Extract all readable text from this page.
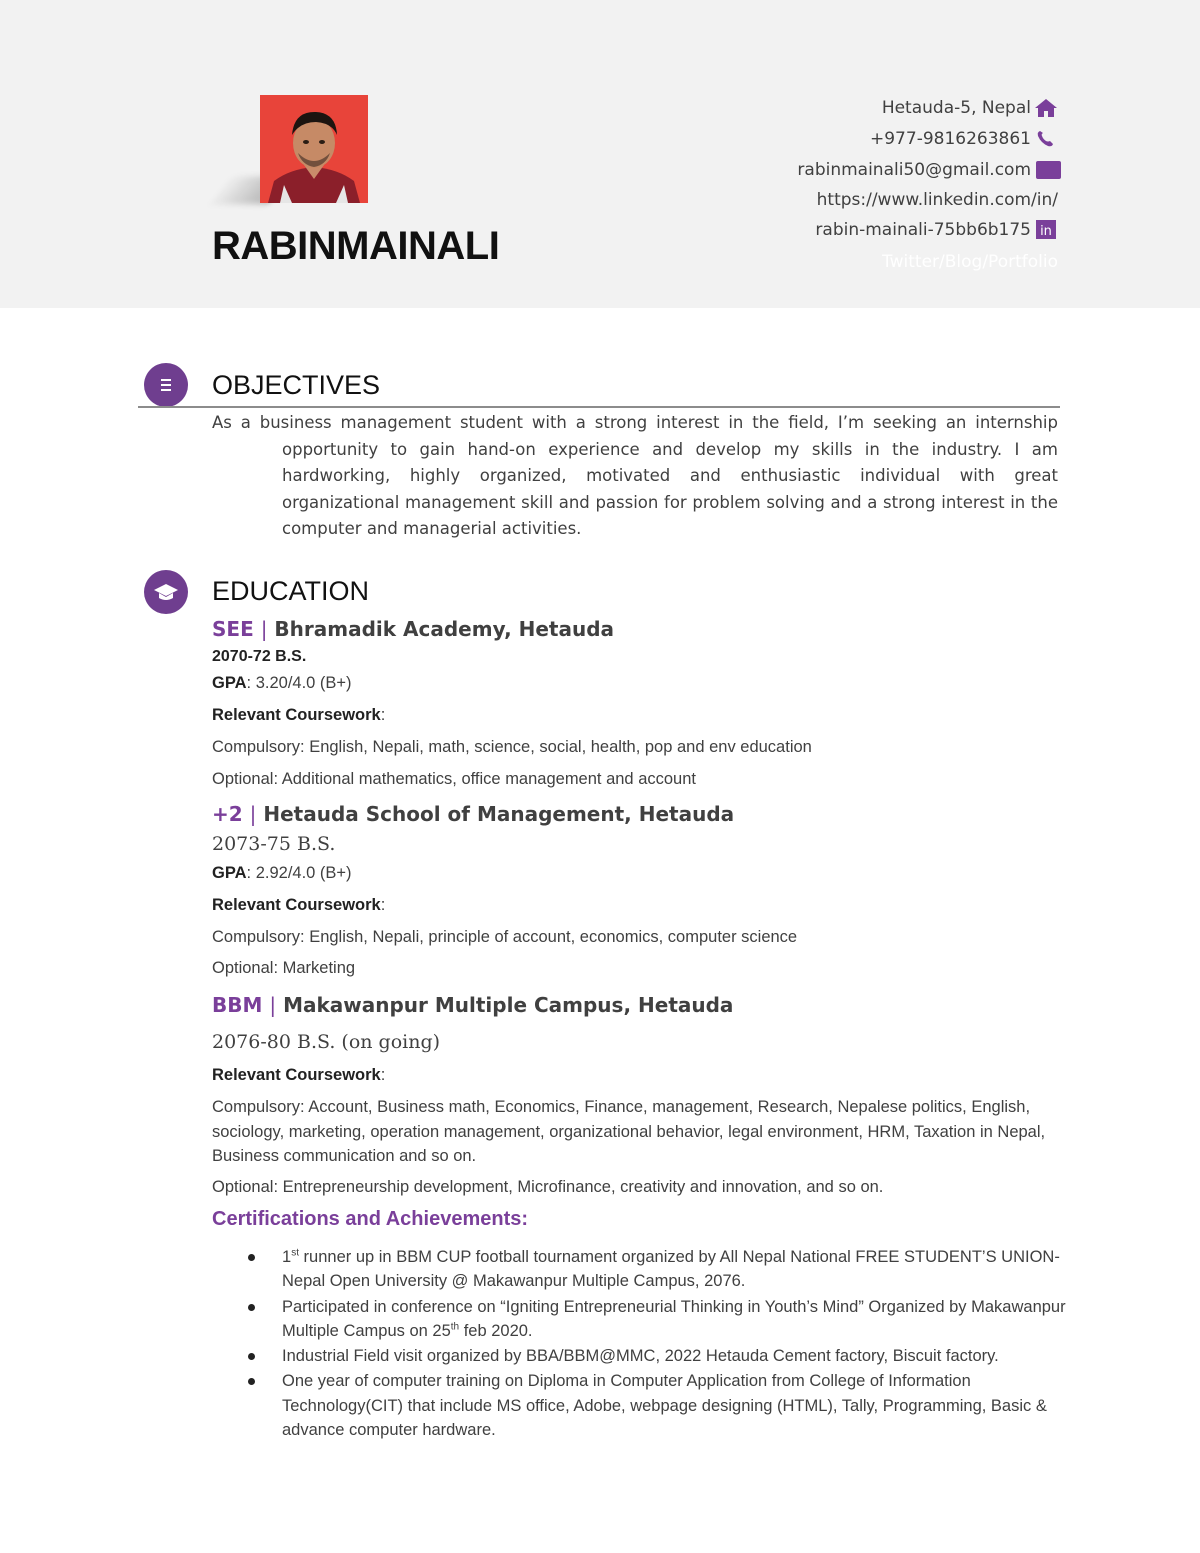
RABINMAINALI
Hetauda-5, Nepal
+977-9816263861
rabinmainali50@gmail.com
https://www.linkedin.com/in/
rabin-mainali-75bb6b175 in
Twitter/Blog/Portfolio
OBJECTIVES
As a business management student with a strong interest in the field, I’m seeking an internship
opportunity to gain hand-on experience and develop my skills in the industry. I am hardworking, highly organized, motivated and enthusiastic individual with great organizational management skill and passion for problem solving and a strong interest in the computer and managerial activities.
EDUCATION
SEE | Bhramadik Academy, Hetauda
2070-72 B.S.
GPA: 3.20/4.0 (B+)
Relevant Coursework:
Compulsory: English, Nepali, math, science, social, health, pop and env education
Optional: Additional mathematics, office management and account
+2 | Hetauda School of Management, Hetauda
2073-75 B.S.
GPA: 2.92/4.0 (B+)
Relevant Coursework:
Compulsory: English, Nepali, principle of account, economics, computer science
Optional: Marketing
BBM | Makawanpur Multiple Campus, Hetauda
2076-80 B.S. (on going)
Relevant Coursework:
Compulsory: Account, Business math, Economics, Finance, management, Research, Nepalese politics, English, sociology, marketing, operation management, organizational behavior, legal environment, HRM, Taxation in Nepal, Business communication and so on.
Optional: Entrepreneurship development, Microfinance, creativity and innovation, and so on.
Certifications and Achievements:
1st runner up in BBM CUP football tournament organized by All Nepal National FREE STUDENT’S UNION-Nepal Open University @ Makawanpur Multiple Campus, 2076.
Participated in conference on “Igniting Entrepreneurial Thinking in Youth’s Mind” Organized by Makawanpur Multiple Campus on 25th feb 2020.
Industrial Field visit organized by BBA/BBM@MMC, 2022 Hetauda Cement factory, Biscuit factory.
One year of computer training on Diploma in Computer Application from College of Information Technology(CIT) that include MS office, Adobe, webpage designing (HTML), Tally, Programming, Basic & advance computer hardware.
